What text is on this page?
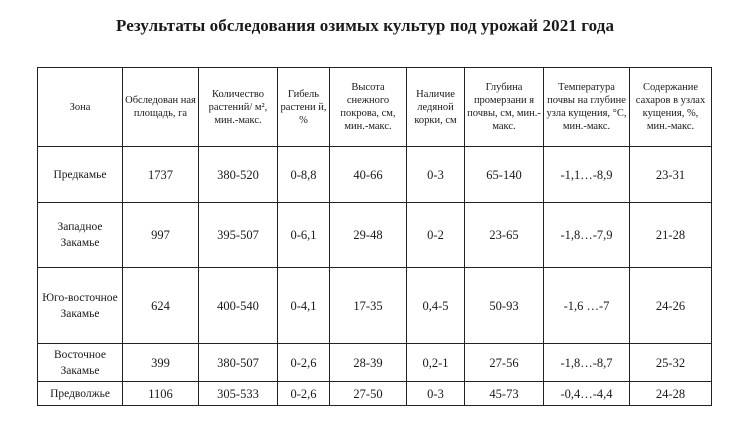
Результаты обследования озимых культур под урожай 2021 года
Зона	Обследован ная площадь, га	Количество растений/ м², мин.-макс.	Гибель растени й, %	Высота снежного покрова, см, мин.-макс.	Наличие ледяной корки, см	Глубина промерзани я почвы, см, мин.-макс.	Температура почвы на глубине узла кущения, °С, мин.-макс.	Содержание сахаров в узлах кущения, %, мин.-макс.
Предкамье	1737	380-520	0-8,8	40-66	0-3	65-140	-1,1…-8,9	23-31
Западное Закамье	997	395-507	0-6,1	29-48	0-2	23-65	-1,8…-7,9	21-28
Юго-восточное Закамье	624	400-540	0-4,1	17-35	0,4-5	50-93	-1,6 …-7	24-26
Восточное Закамье	399	380-507	0-2,6	28-39	0,2-1	27-56	-1,8…-8,7	25-32
Предволжье	1106	305-533	0-2,6	27-50	0-3	45-73	-0,4…-4,4	24-28
